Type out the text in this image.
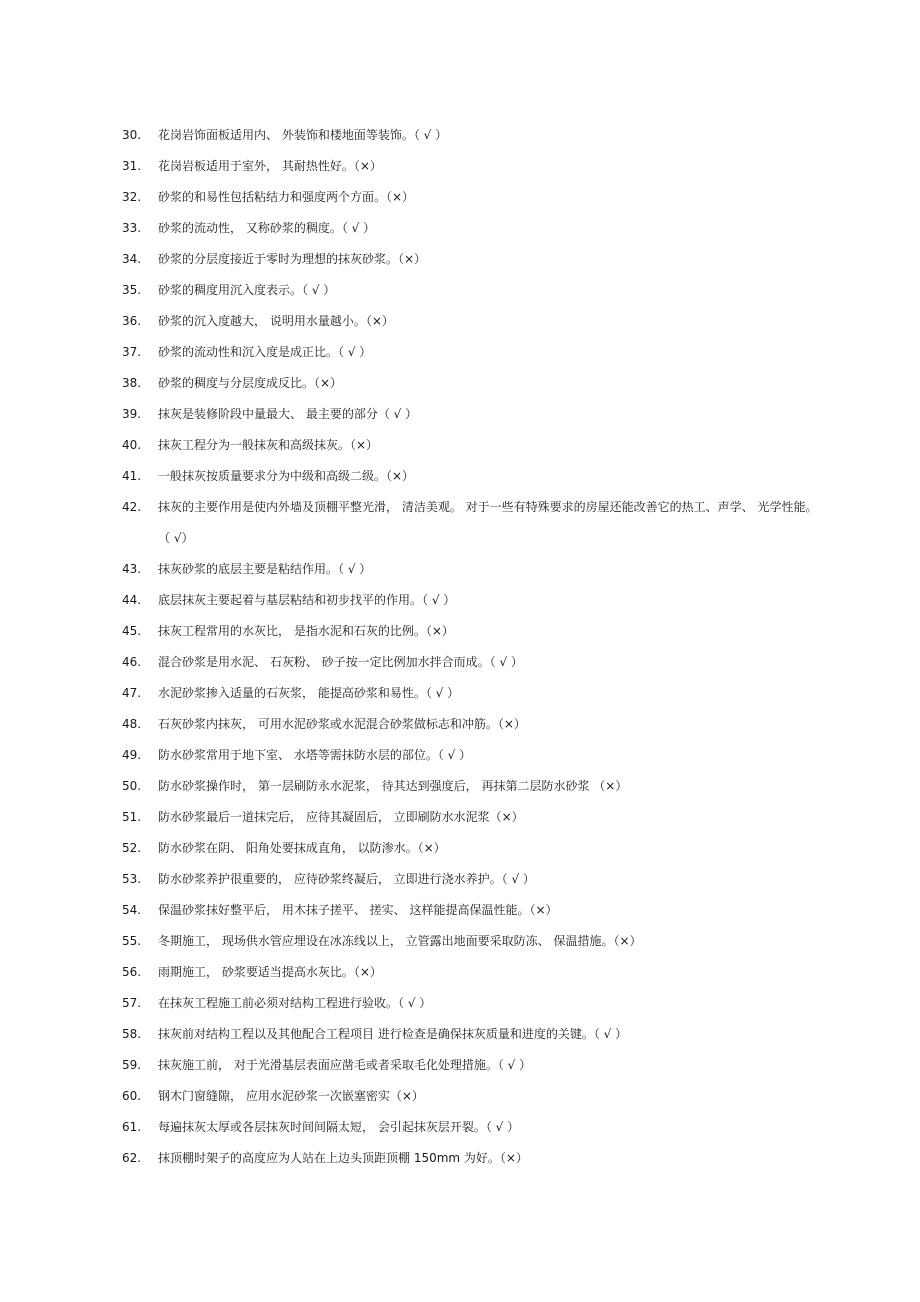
30.	花岗岩饰面板适用内、 外装饰和楼地面等装饰。（ √ ）
31.	花岗岩板适用于室外， 其耐热性好。（×）
32.	砂浆的和易性包括粘结力和强度两个方面。（×）
33.	砂浆的流动性， 又称砂浆的稠度。（ √ ）
34.	砂浆的分层度接近于零时为理想的抹灰砂浆。（×）
35.	砂浆的稠度用沉入度表示。（ √ ）
36.	砂浆的沉入度越大， 说明用水量越小。（×）
37.	砂浆的流动性和沉入度是成正比。（ √ ）
38.	砂浆的稠度与分层度成反比。（×）
39.	抹灰是装修阶段中量最大、 最主要的部分（ √ ）
40.	抹灰工程分为一般抹灰和高级抹灰。（×）
41.	一般抹灰按质量要求分为中级和高级二级。（×）
42.	抹灰的主要作用是使内外墙及顶棚平整光滑， 清洁美观。 对于一些有特殊要求的房屋还能改善它的热工、声学、 光学性能。（ √）
43.	抹灰砂浆的底层主要是粘结作用。（ √ ）
44.	底层抹灰主要起着与基层粘结和初步找平的作用。（ √ ）
45.	抹灰工程常用的水灰比， 是指水泥和石灰的比例。（×）
46.	混合砂浆是用水泥、 石灰粉、 砂子按一定比例加水拌合而成。（ √ ）
47.	水泥砂浆掺入适量的石灰浆， 能提高砂浆和易性。（ √ ）
48.	石灰砂浆内抹灰， 可用水泥砂浆或水泥混合砂浆做标志和冲筋。（×）
49.	防水砂浆常用于地下室、 水塔等需抹防水层的部位。（ √ ）
50.	防水砂浆操作时， 第一层刷防永水泥浆， 待其达到强度后， 再抹第二层防水砂浆 （×）
51.	防水砂浆最后一道抹完后， 应待其凝固后， 立即刷防水水泥浆（×）
52.	防水砂浆在阴、 阳角处要抹成直角， 以防渗水。（×）
53.	防水砂浆养护很重要的， 应待砂浆终凝后， 立即进行浇水养护。（ √ ）
54.	保温砂浆抹好整平后， 用木抹子搓平、 搓实、 这样能提高保温性能。（×）
55.	冬期施工， 现场供水管应埋设在冰冻线以上， 立管露出地面要采取防冻、 保温措施。（×）
56.	雨期施工， 砂浆要适当提高水灰比。（×）
57.	在抹灰工程施工前必须对结构工程进行验收。（ √ ）
58.	抹灰前对结构工程以及其他配合工程项目 进行检查是确保抹灰质量和进度的关键。（ √ ）
59.	抹灰施工前， 对于光滑基层表面应凿毛或者采取毛化处理措施。（ √ ）
60.	钢木门窗缝隙， 应用水泥砂浆一次嵌塞密实（×）
61.	每遍抹灰太厚或各层抹灰时间间隔太短， 会引起抹灰层开裂。（ √ ）
62.	抹顶棚时架子的高度应为人站在上边头顶距顶棚 150mm 为好。（×）
